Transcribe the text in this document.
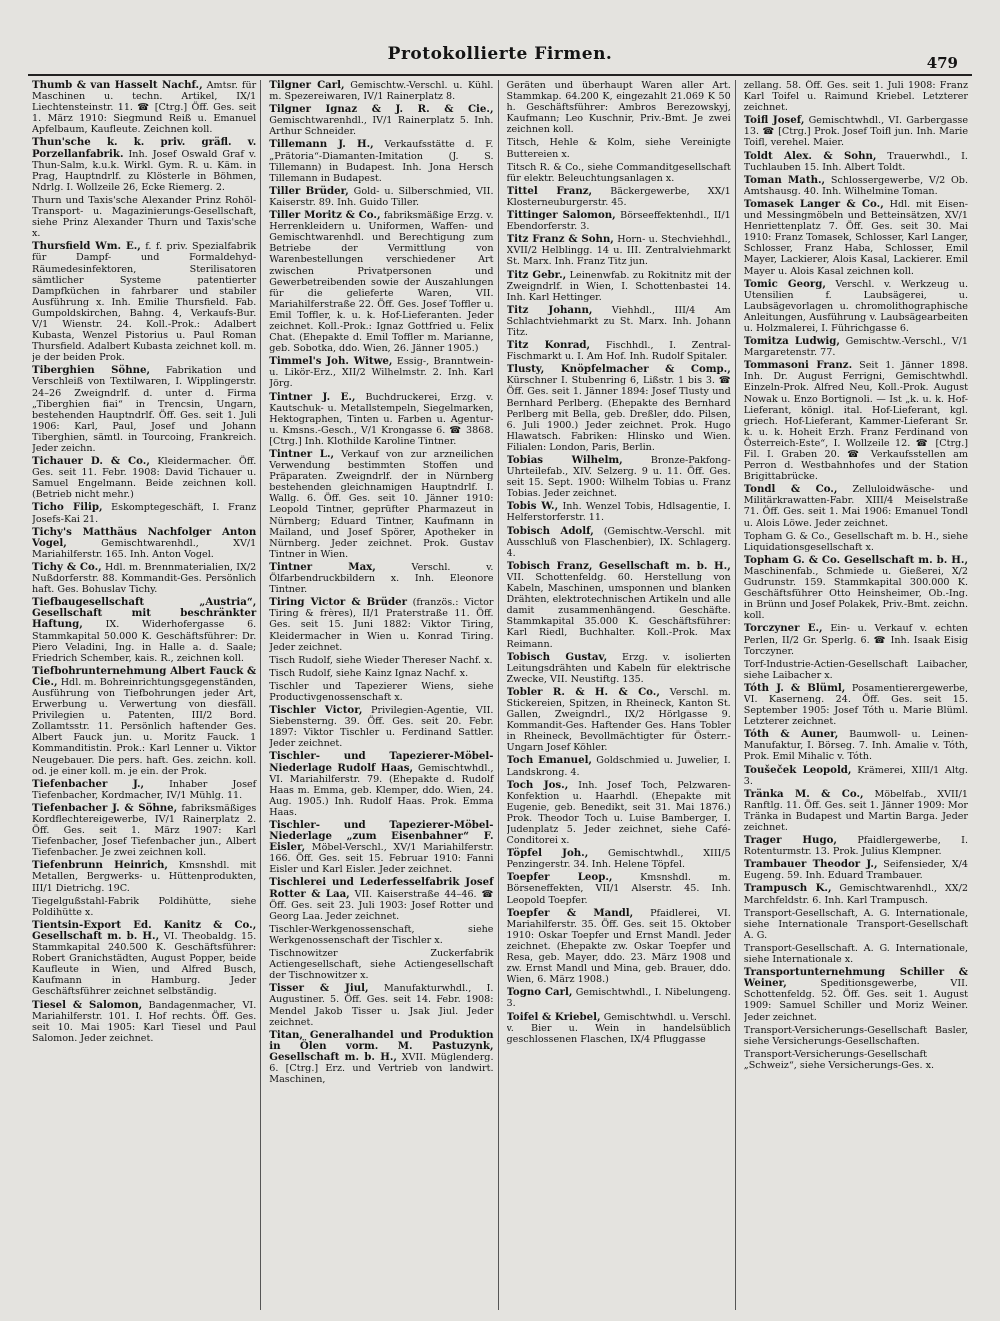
Protokollierte Firmen.	479

Thumb & van Hasselt Nachf., Amtsr. für Maschinen u. techn. Artikel, IX/1 Liechtensteinstr. 11. ☎ [Ctrg.] Öff. Ges. seit 1. März 1910: Siegmund Reiß u. Emanuel Apfelbaum, Kaufleute. Zeichnen koll.

Thun'sche k. k. priv. gräfl. v. Porzellanfabrik. Inh. Josef Oswald Graf v. Thun-Salm, k.u.k. Wirkl. Gym. R. u. Käm. in Prag, Hauptndrlf. zu Klösterle in Böhmen, Ndrlg. I. Wollzeile 26, Ecke Riemerg. 2.

Thurn und Taxis'sche Alexander Prinz Rohöl-Transport- u. Magazinierungs-Gesellschaft, siehe Prinz Alexander Thurn und Taxis'sche x.

Thursfield Wm. E., f. f. priv. Spezialfabrik für Dampf- und Formaldehyd-Räumedesinfektoren, Sterilisatoren sämtlicher Systeme patentierter Dampfküchen in fahrbarer und stabiler Ausführung x. Inh. Emilie Thursfield. Fab. Gumpoldskirchen, Bahng. 4, Verkaufs-Bur. V/1 Wienstr. 24. Koll.-Prok.: Adalbert Kubasta, Wenzel Pistorius u. Paul Roman Thursfield. Adalbert Kubasta zeichnet koll. m. je der beiden Prok.

Tiberghien Söhne, Fabrikation und Verschleiß von Textilwaren, I. Wipplingerstr. 24–26 Zweigndrlf. d. unter d. Firma „Tiberghien fiai“ in Trencsin, Ungarn, bestehenden Hauptndrlf. Öff. Ges. seit 1. Juli 1906: Karl, Paul, Josef und Johann Tiberghien, sämtl. in Tourcoing, Frankreich. Jeder zeichn.

Tichauer D. & Co., Kleidermacher. Öff. Ges. seit 11. Febr. 1908: David Tichauer u. Samuel Engelmann. Beide zeichnen koll. (Betrieb nicht mehr.)

Ticho Filip, Eskomptegeschäft, I. Franz Josefs-Kai 21.

Tichy's Matthäus Nachfolger Anton Vogel,	Gemischtwarenhdl., XV/1 Mariahilferstr. 165. Inh. Anton Vogel.

Tichy & Co., Hdl. m. Brennmaterialien, IX/2 Nußdorferstr. 88. Kommandit-Ges. Persönlich haft. Ges. Bohuslav Tichy.

Tiefbaugesellschaft „Austria“, Gesellschaft mit beschränkter Haftung, IX. Widerhofergasse 6. Stammkapital 50.000 K. Geschäftsführer: Dr. Piero Veladini, Ing. in Halle a. d. Saale; Friedrich Schember, kais. R., zeichnen koll.

Tiefbohrunternehmung Albert Fauck & Cie., Hdl. m. Bohreinrichtungsgegenständen, Ausführung von Tiefbohrungen jeder Art, Erwerbung u. Verwertung von diesfäll. Privilegien u. Patenten, III/2 Bord. Zollamtsstr. 11. Persönlich haftender Ges. Albert Fauck jun. u. Moritz Fauck. 1 Kommanditistin. Prok.: Karl Lenner u. Viktor Neugebauer. Die pers. haft. Ges. zeichn. koll. od. je einer koll. m. je ein. der Prok.

Tiefenbacher J.,	Inhaber Josef Tiefenbacher, Kordmacher, IV/1 Mühlg. 11.

Tiefenbacher J. & Söhne, fabriksmäßiges Kordflechtereigewerbe, IV/1 Rainerplatz 2. Öff. Ges. seit 1. März 1907: Karl Tiefenbacher, Josef Tiefenbacher jun., Albert Tiefenbacher. Je zwei zeichnen koll.

Tiefenbrunn Heinrich, Kmsnshdl. mit Metallen, Bergwerks- u. Hüttenprodukten, III/1 Dietrichg. 19C.

Tiegelgußstahl-Fabrik Poldihütte, siehe Poldihütte x.

Tientsin-Export Ed. Kanitz & Co., Gesellschaft m. b. H., VI. Theobaldg. 15. Stammkapital 240.500 K. Geschäftsführer: Robert Granichstädten, August Popper, beide Kaufleute in Wien, und Alfred Busch, Kaufmann in Hamburg. Jeder Geschäftsführer zeichnet selbständig.

Tiesel & Salomon, Bandagenmacher, VI. Mariahilferstr. 101. I. Hof rechts. Öff. Ges. seit 10. Mai 1905: Karl Tiesel und Paul Salomon. Jeder zeichnet.

Tilgner Carl, Gemischtw.-Verschl. u. Kühl. m. Spezereiwaren, IV/1 Rainerplatz 8.

Tilgner Ignaz & J. R. & Cie., Gemischtwarenhdl., IV/1 Rainerplatz 5. Inh. Arthur Schneider.

Tillemann J. H., Verkaufsstätte d. F. „Prätoria“-Diamanten-Imitation (J. S. Tillemann) in Budapest. Inh. Jona Hersch Tillemann in Budapest.

Tiller Brüder, Gold- u. Silberschmied, VII. Kaiserstr. 89. Inh. Guido Tiller.

Tiller Moritz & Co., fabriksmäßige Erzg. v. Herrenkleidern u. Uniformen, Waffen- und Gemischtwarenhdl. und Berechtigung zum Betriebe der Vermittlung von Warenbestellungen verschiedener Art zwischen Privatpersonen und Gewerbetreibenden sowie der Auszahlungen für die gelieferte Waren, VII. Mariahilferstraße 22. Öff. Ges. Josef Toffler u. Emil Toffler, k. u. k. Hof-Lieferanten. Jeder zeichnet. Koll.-Prok.: Ignaz Gottfried u. Felix Chat. (Ehepakte d. Emil Toffler m. Marianne, geb. Sobotka, ddo. Wien, 26. Jänner 1905.)

Timmel's Joh. Witwe, Essig-, Branntwein- u. Likör-Erz., XII/2 Wilhelmstr. 2. Inh. Karl Jörg.

Tintner J. E., Buchdruckerei, Erzg. v. Kautschuk- u. Metallstempeln, Siegelmarken, Hektographen, Tinten u. Farben u. Agentur- u. Kmsns.-Gesch., V/1 Krongasse 6. ☎ 3868. [Ctrg.] Inh. Klothilde Karoline Tintner.

Tintner L., Verkauf von zur arzneilichen Verwendung bestimmten Stoffen und Präparaten. Zweigndrlf. der in Nürnberg bestehenden gleichnamigen Hauptndrlf. I. Wallg. 6. Öff. Ges. seit 10. Jänner 1910: Leopold Tintner, geprüfter Pharmazeut in Nürnberg; Eduard Tintner, Kaufmann in Mailand, und Josef Spörer, Apotheker in Nürnberg. Jeder zeichnet. Prok. Gustav Tintner in Wien.

Tintner Max,	Verschl. v. Ölfarbendruckbildern x. Inh. Eleonore Tintner.

Tiring Victor & Brüder (französ.: Victor Tiring & frères), II/1 Praterstraße 11. Öff. Ges. seit 15. Juni 1882: Viktor Tiring, Kleidermacher in Wien u. Konrad Tiring. Jeder zeichnet.

Tisch Rudolf, siehe Wieder Thereser Nachf. x.

Tisch Rudolf, siehe Kainz Ignaz Nachf. x.

Tischler und Tapezierer Wiens, siehe Productivgenossenschaft x.

Tischler Victor, Privilegien-Agentie, VII. Siebensterng. 39. Öff. Ges. seit 20. Febr. 1897: Viktor Tischler u. Ferdinand Sattler. Jeder zeichnet.

Tischler- und Tapezierer-Möbel-Niederlage Rudolf Haas, Gemischtwhdl., VI. Mariahilferstr. 79. (Ehepakte d. Rudolf Haas m. Emma, geb. Klemper, ddo. Wien, 24. Aug. 1905.) Inh. Rudolf Haas. Prok. Emma Haas.

Tischler- und Tapezierer-Möbel-Niederlage „zum Eisenbahner“ F. Eisler, Möbel-Verschl., XV/1 Mariahilferstr. 166. Öff. Ges. seit 15. Februar 1910: Fanni Eisler und Karl Eisler. Jeder zeichnet.

Tischlerei und Lederfesselfabrik Josef Rotter & Laa, VII. Kaiserstraße 44–46. ☎ Öff. Ges. seit 23. Juli 1903: Josef Rotter und Georg Laa. Jeder zeichnet.

Tischler-Werkgenossenschaft, siehe Werkgenossenschaft der Tischler x.

Tischnowitzer Zuckerfabrik Actiengesellschaft, siehe Actiengesellschaft der Tischnowitzer x.

Tisser & Jiul, Manufakturwhdl., I. Augustiner. 5. Öff. Ges. seit 14. Febr. 1908: Mendel Jakob Tisser u. Jsak Jiul. Jeder zeichnet.

Titan, Generalhandel und Produktion in Ölen vorm. M. Pastuzynk, Gesellschaft m. b. H., XVII. Müglenderg. 6. [Ctrg.] Erz. und Vertrieb von landwirt. Maschinen,

Geräten und überhaupt Waren aller Art. Stammkap. 64.200 K, eingezahlt 21.069 K 50 h. Geschäftsführer: Ambros Berezowskyj, Kaufmann; Leo Kuschnir, Priv.-Bmt. Je zwei zeichnen koll.

Titsch, Hehle & Kolm, siehe Vereinigte Buttereien x.

Titsch R. & Co., siehe Commanditgesellschaft für elektr. Beleuchtungsanlagen x.

Tittel Franz, Bäckergewerbe, XX/1 Klosterneuburgerstr. 45.

Tittinger Salomon, Börseeffektenhdl., II/1 Ebendorferstr. 3.

Titz Franz & Sohn, Horn- u. Stechviehhdl., XVII/2 Helblingg. 14 u. III. Zentralviehmarkt St. Marx. Inh. Franz Titz jun.

Titz Gebr., Leinenwfab. zu Rokitnitz mit der Zweigndrlf. in Wien, I. Schottenbastei 14. Inh. Karl Hettinger.

Titz Johann, Viehhdl., III/4 Am Schlachtviehmarkt zu St. Marx. Inh. Johann Titz.

Titz Konrad, Fischhdl., I. Zentral-Fischmarkt u. I. Am Hof. Inh. Rudolf Spitaler.

Tlusty, Knöpfelmacher & Comp., Kürschner I. Stubenring 6, Lißstr. 1 bis 3. ☎ Öff. Ges. seit 1. Jänner 1894: Josef Tlusty und Bernhard Perlberg. (Ehepakte des Bernhard Perlberg mit Bella, geb. Dreßler, ddo. Pilsen, 6. Juli 1900.) Jeder zeichnet. Prok. Hugo Hlawatsch. Fabriken: Hlinsko und Wien. Filialen: London, Paris, Berlin.

Tobias Wilhelm,	Bronze-Pakfong-Uhrteilefab., XIV. Selzerg. 9 u. 11. Öff. Ges. seit 15. Sept. 1900: Wilhelm Tobias u. Franz Tobias. Jeder zeichnet.

Tobis W., Inh. Wenzel Tobis, Hdlsagentie, I. Helferstorferstr. 11.

Tobisch Adolf, (Gemischtw.-Verschl. mit Ausschluß von Flaschenbier), IX. Schlagerg. 4.

Tobisch Franz, Gesellschaft m. b. H., VII. Schottenfeldg. 60. Herstellung von Kabeln, Maschinen, umsponnen und blanken Drähten, elektrotechnischen Artikeln und alle damit zusammenhängend. Geschäfte. Stammkapital 35.000 K. Geschäftsführer: Karl Riedl, Buchhalter. Koll.-Prok. Max Reimann.

Tobisch Gustav, Erzg. v. isolierten Leitungsdrähten und Kabeln für elektrische Zwecke, VII. Neustiftg. 135.

Tobler R. & H. & Co., Verschl. m. Stickereien, Spitzen, in Rheineck, Kanton St. Gallen, Zweigndrl., IX/2 Hörlgasse 9. Kommandit-Ges. Haftender Ges. Hans Tobler in Rheineck, Bevollmächtigter für Österr.-Ungarn Josef Köhler.

Toch Emanuel, Goldschmied u. Juwelier, I. Landskrong. 4.

Toch Jos., Inh. Josef Toch, Pelzwaren-Konfektion u. Haarhdl. (Ehepakte mit Eugenie, geb. Benedikt, seit 31. Mai 1876.) Prok. Theodor Toch u. Luise Bamberger, I. Judenplatz 5. Jeder zeichnet, siehe Café-Conditorei x.

Töpfel Joh., Gemischtwhdl., XIII/5 Penzingerstr. 34. Inh. Helene Töpfel.

Toepfer Leop.,	Kmsnshdl. m. Börseneffekten, VII/1 Alserstr. 45. Inh. Leopold Toepfer.

Toepfer & Mandl, Pfaidlerei, VI. Mariahilferstr. 35. Öff. Ges. seit 15. Oktober 1910: Oskar Toepfer und Ernst Mandl. Jeder zeichnet. (Ehepakte zw. Oskar Toepfer und Resa, geb. Mayer, ddo. 23. März 1908 und zw. Ernst Mandl und Mina, geb. Brauer, ddo. Wien, 6. März 1908.)

Togno Carl, Gemischtwhdl., I. Nibelungeng. 3.

Toifel & Kriebel, Gemischtwhdl. u. Verschl. v. Bier u. Wein in handelsüblich geschlossenen Flaschen, IX/4 Pfluggasse

zellang. 58. Öff. Ges. seit 1. Juli 1908: Franz Karl Toifel u. Raimund Kriebel. Letzterer zeichnet.

Toifl Josef, Gemischtwhdl., VI. Garbergasse 13. ☎ [Ctrg.] Prok. Josef Toifl jun. Inh. Marie Toifl, verehel. Maier.

Toldt Alex. & Sohn, Trauerwhdl., I. Tuchlauben 15. Inh. Albert Toldt.

Toman Math., Schlossergewerbe, V/2 Ob. Amtshausg. 40. Inh. Wilhelmine Toman.

Tomasek Langer & Co., Hdl. mit Eisen- und Messingmöbeln und Betteinsätzen, XV/1 Henriettenplatz 7. Öff. Ges. seit 30. Mai 1910: Franz Tomasek, Schlosser, Karl Langer, Schlosser, Franz Haba, Schlosser, Emil Mayer, Lackierer, Alois Kasal, Lackierer. Emil Mayer u. Alois Kasal zeichnen koll.

Tomic Georg, Verschl. v. Werkzeug u. Utensilien f. Laubsägerei, u. Laubsägevorlagen u. chromolithographische Anleitungen, Ausführung v. Laubsägearbeiten u. Holzmalerei, I. Führichgasse 6.

Tomitza Ludwig, Gemischtw.-Verschl., V/1 Margaretenstr. 77.

Tommasoni Franz. Seit 1. Jänner 1898. Inh. Dr. August Ferrigni, Gemischtwhdl. Einzeln-Prok. Alfred Neu, Koll.-Prok. August Nowak u. Enzo Bortignoli. — Ist „k. u. k. Hof-Lieferant, königl. ital. Hof-Lieferant, kgl. griech. Hof-Lieferant, Kammer-Lieferant Sr. k. u. k. Hoheit Erzh. Franz Ferdinand von Österreich-Este“, I. Wollzeile 12. ☎ [Ctrg.] Fil. I. Graben 20. ☎ Verkaufsstellen am Perron d. Westbahnhofes und der Station Brigittabrücke.

Tondl & Co., Zelluloidwäsche- und Militärkrawatten-Fabr. XIII/4 Meiselstraße 71. Öff. Ges. seit 1. Mai 1906: Emanuel Tondl u. Alois Löwe. Jeder zeichnet.

Topham G. & Co., Gesellschaft m. b. H., siehe Liquidationsgesellschaft x.

Topham G. & Co. Gesellschaft m. b. H., Maschinenfab., Schmiede u. Gießerei, X/2 Gudrunstr. 159. Stammkapital 300.000 K. Geschäftsführer Otto Heinsheimer, Ob.-Ing. in Brünn und Josef Polakek, Priv.-Bmt. zeichn. koll.

Torczyner E., Ein- u. Verkauf v. echten Perlen, II/2 Gr. Sperlg. 6. ☎ Inh. Isaak Eisig Torczyner.

Torf-Industrie-Actien-Gesellschaft Laibacher, siehe Laibacher x.

Tóth J. & Blüml, Posamentierergewerbe, VI. Kaserneng. 24. Öff. Ges. seit 15. September 1905: Josef Tóth u. Marie Blüml. Letzterer zeichnet.

Tóth & Auner, Baumwoll- u. Leinen-Manufaktur, I. Börseg. 7. Inh. Amalie v. Tóth, Prok. Emil Mihalic v. Tóth.

Toušeček Leopold, Krämerei, XIII/1 Altg. 3.

Tränka M. & Co., Möbelfab., XVII/1 Ranftlg. 11. Öff. Ges. seit 1. Jänner 1909: Mor Tränka in Budapest und Martin Barga. Jeder zeichnet.

Trager Hugo, Pfaidlergewerbe, I. Rotenturmstr. 13. Prok. Julius Klempner.

Trambauer Theodor J., Seifensieder, X/4 Eugeng. 59. Inh. Eduard Trambauer.

Trampusch K., Gemischtwarenhdl., XX/2 Marchfeldstr. 6. Inh. Karl Trampusch.

Transport-Gesellschaft, A. G. Internationale, siehe Internationale Transport-Gesellschaft A. G.

Transport-Gesellschaft. A. G. Internationale, siehe Internationale x.

Transportunternehmung Schiller & Weiner,	Speditionsgewerbe, VII. Schottenfeldg. 52. Öff. Ges. seit 1. August 1909: Samuel Schiller und Moriz Weiner. Jeder zeichnet.

Transport-Versicherungs-Gesellschaft Basler, siehe Versicherungs-Gesellschaften.

Transport-Versicherungs-Gesellschaft „Schweiz“, siehe Versicherungs-Ges. x.
